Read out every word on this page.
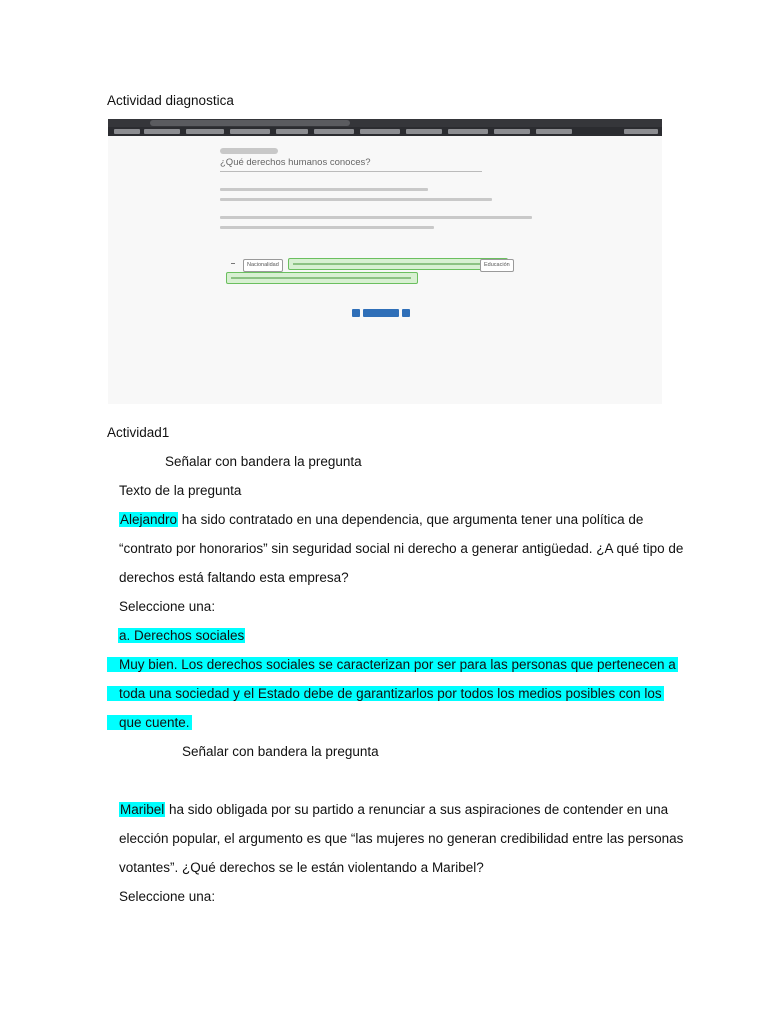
Actividad diagnostica
¿Qué derechos humanos conoces?
Nacionalidad	Educación
Actividad1
Señalar con bandera la pregunta
Texto de la pregunta
Alejandro ha sido contratado en una dependencia, que argumenta tener una política de
“contrato por honorarios” sin seguridad social ni derecho a generar antigüedad. ¿A qué tipo de
derechos está faltando esta empresa?
Seleccione una:
a. Derechos sociales
Muy bien. Los derechos sociales se caracterizan por ser para las personas que pertenecen a
toda una sociedad y el Estado debe de garantizarlos por todos los medios posibles con los
que cuente.
Señalar con bandera la pregunta
Maribel ha sido obligada por su partido a renunciar a sus aspiraciones de contender en una
elección popular, el argumento es que “las mujeres no generan credibilidad entre las personas
votantes”. ¿Qué derechos se le están violentando a Maribel?
Seleccione una:
